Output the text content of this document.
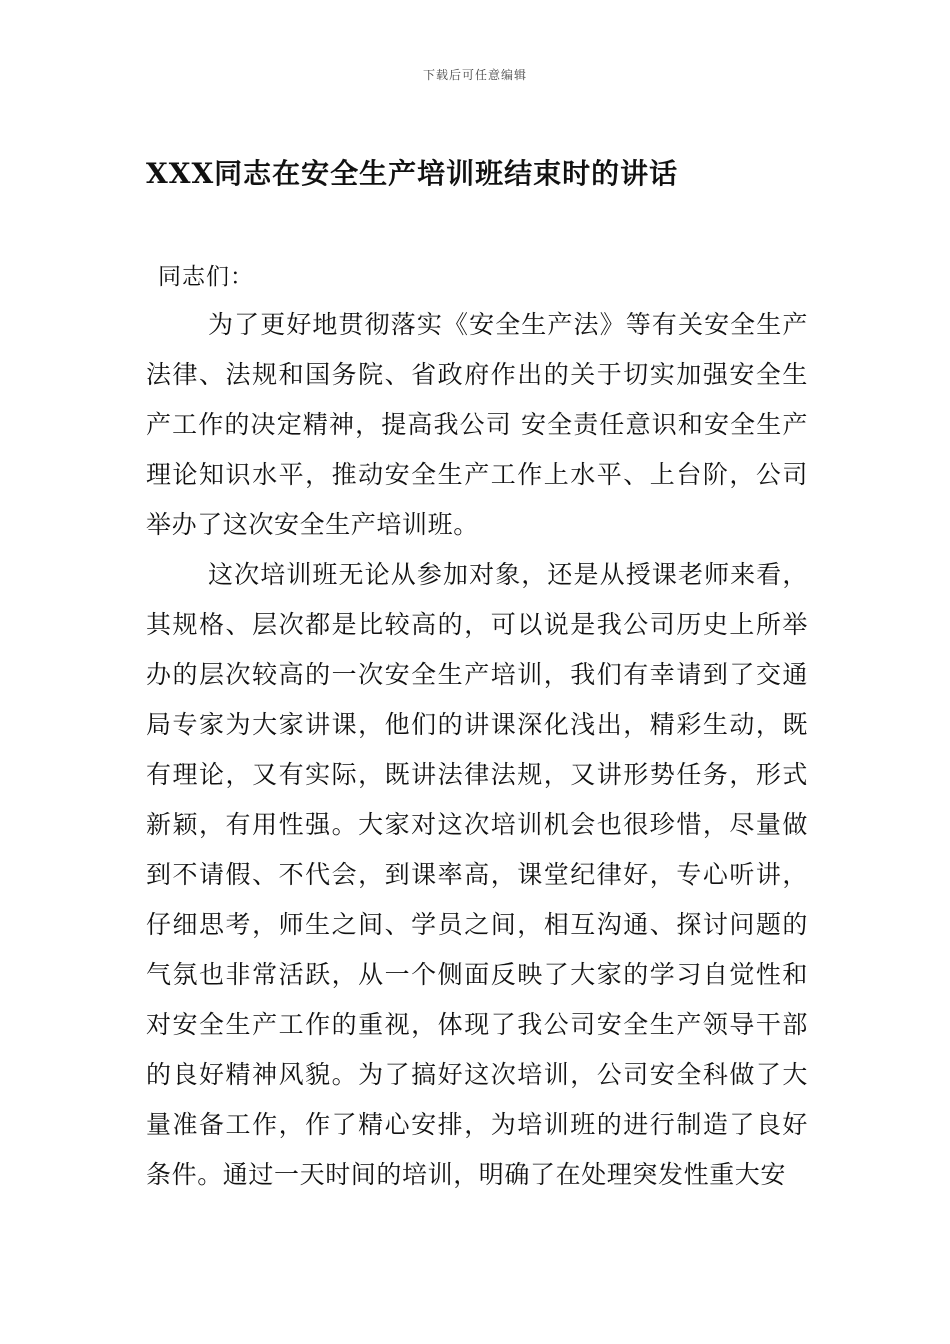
下载后可任意编辑
XXX同志在安全生产培训班结束时的讲话

同志们：

为了更好地贯彻落实《安全生产法》等有关安全生产法律、法规和国务院、省政府作出的关于切实加强安全生产工作的决定精神，提高我公司 安全责任意识和安全生产理论知识水平，推动安全生产工作上水平、上台阶，公司举办了这次安全生产培训班。

这次培训班无论从参加对象，还是从授课老师来看，其规格、层次都是比较高的，可以说是我公司历史上所举办的层次较高的一次安全生产培训，我们有幸请到了交通局专家为大家讲课，他们的讲课深化浅出，精彩生动，既有理论，又有实际，既讲法律法规，又讲形势任务，形式新颖，有用性强。大家对这次培训机会也很珍惜，尽量做到不请假、不代会，到课率高，课堂纪律好，专心听讲，仔细思考，师生之间、学员之间，相互沟通、探讨问题的气氛也非常活跃，从一个侧面反映了大家的学习自觉性和对安全生产工作的重视，体现了我公司安全生产领导干部的良好精神风貌。为了搞好这次培训，公司安全科做了大量准备工作，作了精心安排，为培训班的进行制造了良好条件。通过一天时间的培训，明确了在处理突发性重大安
